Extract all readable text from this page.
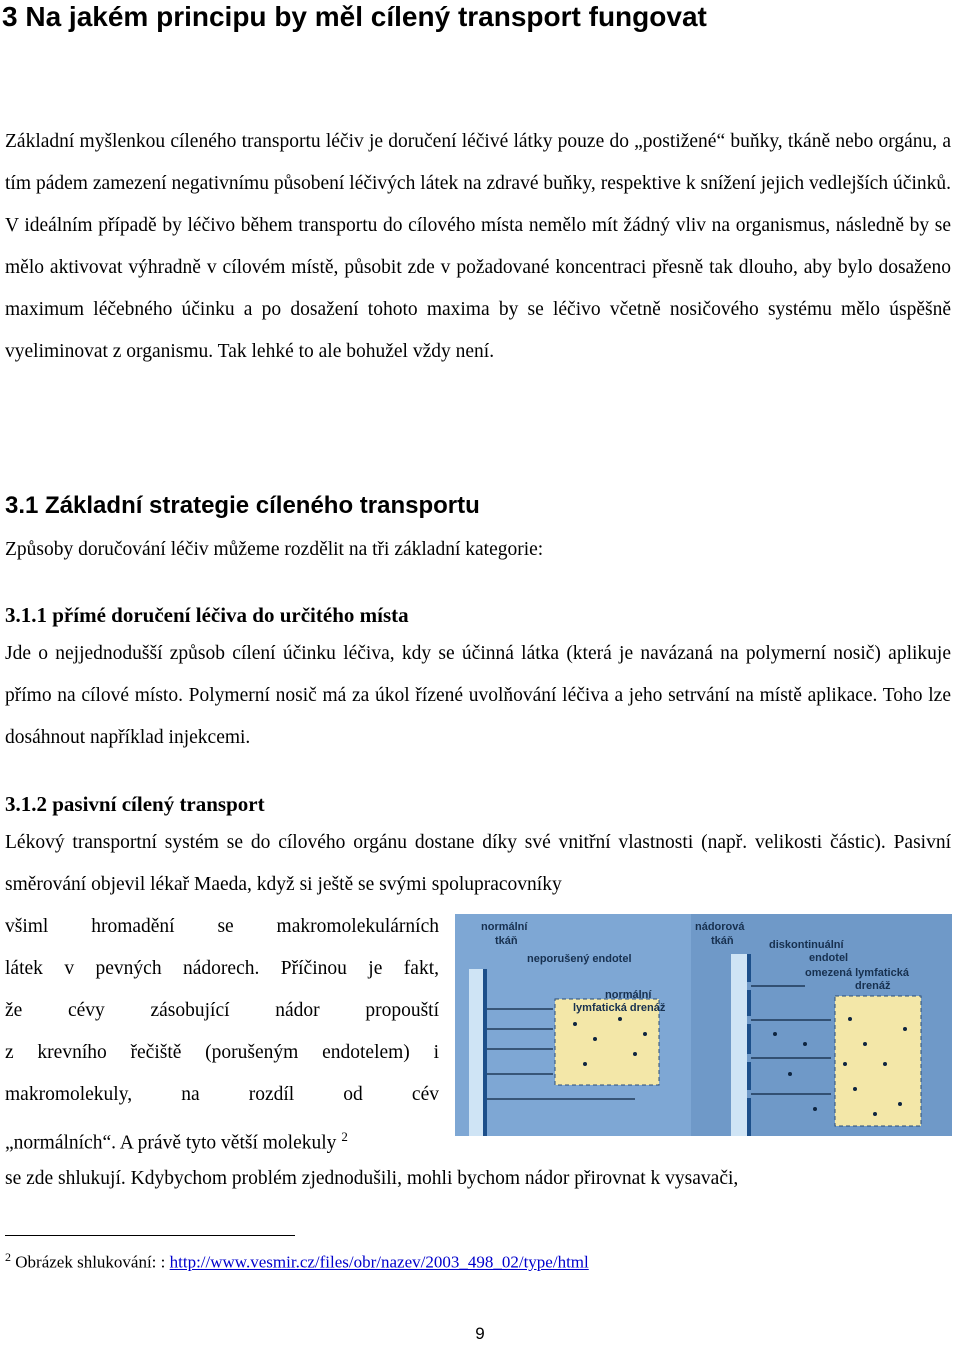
3 Na jakém principu by měl cílený transport fungovat

Základní myšlenkou cíleného transportu léčiv je doručení léčivé látky pouze do „postižené“ buňky, tkáně nebo orgánu, a tím pádem zamezení negativnímu působení léčivých látek na zdravé buňky, respektive k snížení jejich vedlejších účinků. V ideálním případě by léčivo během transportu do cílového místa nemělo mít žádný vliv na organismus, následně by se mělo aktivovat výhradně v cílovém místě, působit zde v požadované koncentraci přesně tak dlouho, aby bylo dosaženo maximum léčebného účinku a po dosažení tohoto maxima by se léčivo včetně nosičového systému mělo úspěšně vyeliminovat z organismu. Tak lehké to ale bohužel vždy není.

3.1 Základní strategie cíleného transportu

Způsoby doručování léčiv můžeme rozdělit na tři základní kategorie:

3.1.1 přímé doručení léčiva do určitého místa

Jde o nejjednodušší způsob cílení účinku léčiva, kdy se účinná látka (která je navázaná na polymerní nosič) aplikuje přímo na cílové místo. Polymerní nosič má za úkol řízené uvolňování léčiva a jeho setrvání na místě aplikace. Toho lze dosáhnout například injekcemi.

3.1.2 pasivní cílený transport

Lékový transportní systém se do cílového orgánu dostane díky své vnitřní vlastnosti (např. velikosti částic). Pasivní směrování objevil lékař Maeda, když si ještě se svými spolupracovníky

všiml hromadění se makromolekulárních
látek v pevných nádorech. Příčinou je fakt,
že cévy zásobující nádor propouští
z krevního řečiště (porušeným endotelem) i
makromolekuly, na rozdíl od cév
„normálních“. A právě tyto větší molekuly $^2$
normální
tkáň
nádorová
tkáň
neporušený endotel
normální
lymfatická drenáž
diskontinuální
endotel
omezená lymfatická
drenáž

se zde shlukují. Kdybychom problém zjednodušili, mohli bychom nádor přirovnat k vysavači,

$^2$ Obrázek shlukování: : http://www.vesmir.cz/files/obr/nazev/2003_498_02/type/html

9
